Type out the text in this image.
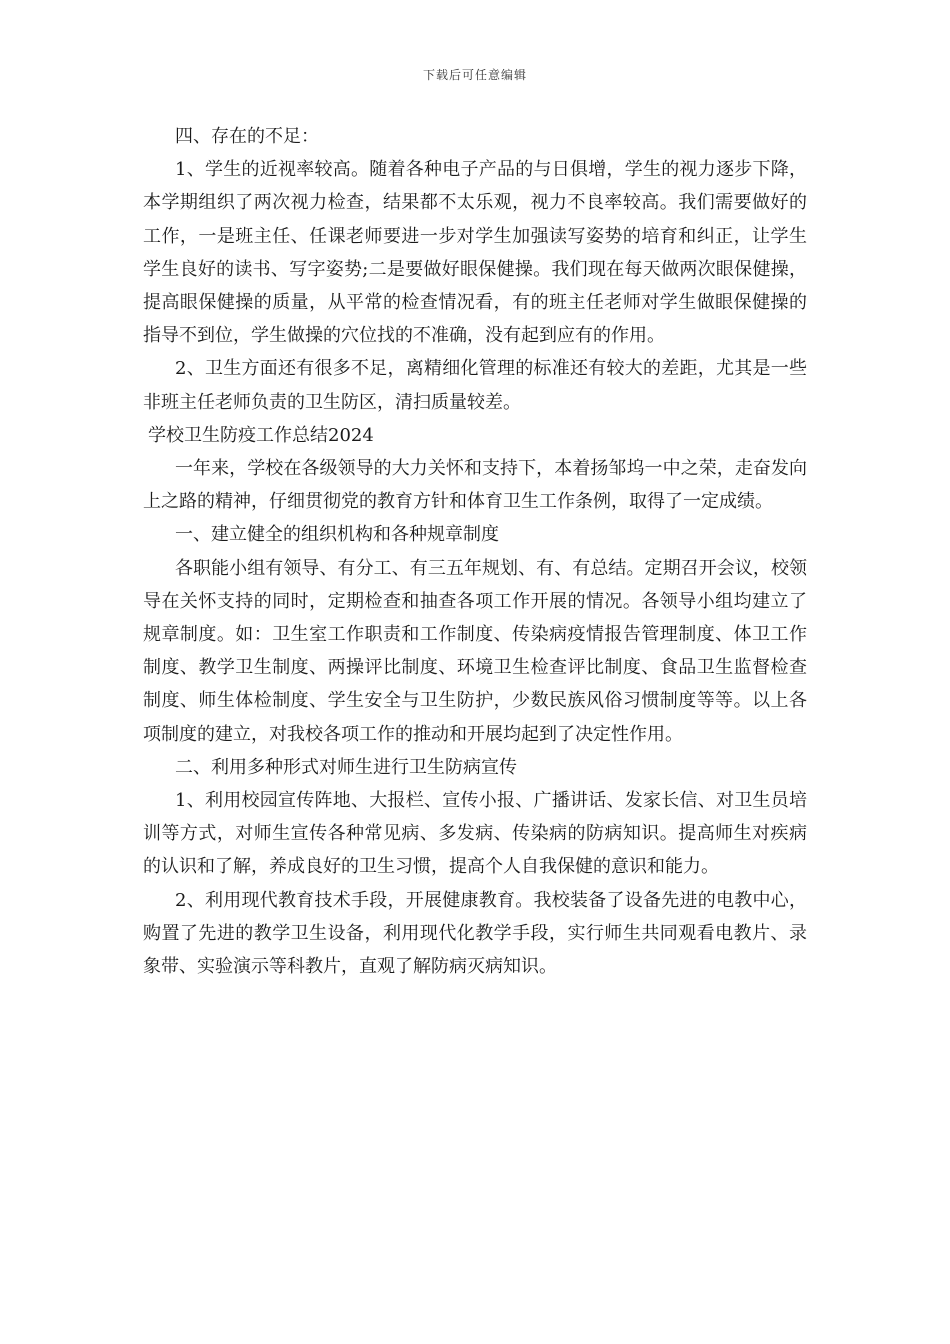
下载后可任意编辑

四、存在的不足：

1、学生的近视率较高。随着各种电子产品的与日俱增，学生的视力逐步下降，本学期组织了两次视力检查，结果都不太乐观，视力不良率较高。我们需要做好的工作，一是班主任、任课老师要进一步对学生加强读写姿势的培育和纠正，让学生学生良好的读书、写字姿势;二是要做好眼保健操。我们现在每天做两次眼保健操，提高眼保健操的质量，从平常的检查情况看，有的班主任老师对学生做眼保健操的指导不到位，学生做操的穴位找的不准确，没有起到应有的作用。

2、卫生方面还有很多不足，离精细化管理的标准还有较大的差距，尤其是一些非班主任老师负责的卫生防区，清扫质量较差。

学校卫生防疫工作总结2024

一年来，学校在各级领导的大力关怀和支持下，本着扬邹坞一中之荣，走奋发向上之路的精神，仔细贯彻党的教育方针和体育卫生工作条例，取得了一定成绩。

一、建立健全的组织机构和各种规章制度

各职能小组有领导、有分工、有三五年规划、有、有总结。定期召开会议，校领导在关怀支持的同时，定期检查和抽查各项工作开展的情况。各领导小组均建立了规章制度。如：卫生室工作职责和工作制度、传染病疫情报告管理制度、体卫工作制度、教学卫生制度、两操评比制度、环境卫生检查评比制度、食品卫生监督检查制度、师生体检制度、学生安全与卫生防护，少数民族风俗习惯制度等等。以上各项制度的建立，对我校各项工作的推动和开展均起到了决定性作用。

二、利用多种形式对师生进行卫生防病宣传

1、利用校园宣传阵地、大报栏、宣传小报、广播讲话、发家长信、对卫生员培训等方式，对师生宣传各种常见病、多发病、传染病的防病知识。提高师生对疾病的认识和了解，养成良好的卫生习惯，提高个人自我保健的意识和能力。

2、利用现代教育技术手段，开展健康教育。我校装备了设备先进的电教中心，购置了先进的教学卫生设备，利用现代化教学手段，实行师生共同观看电教片、录象带、实验演示等科教片，直观了解防病灭病知识。
